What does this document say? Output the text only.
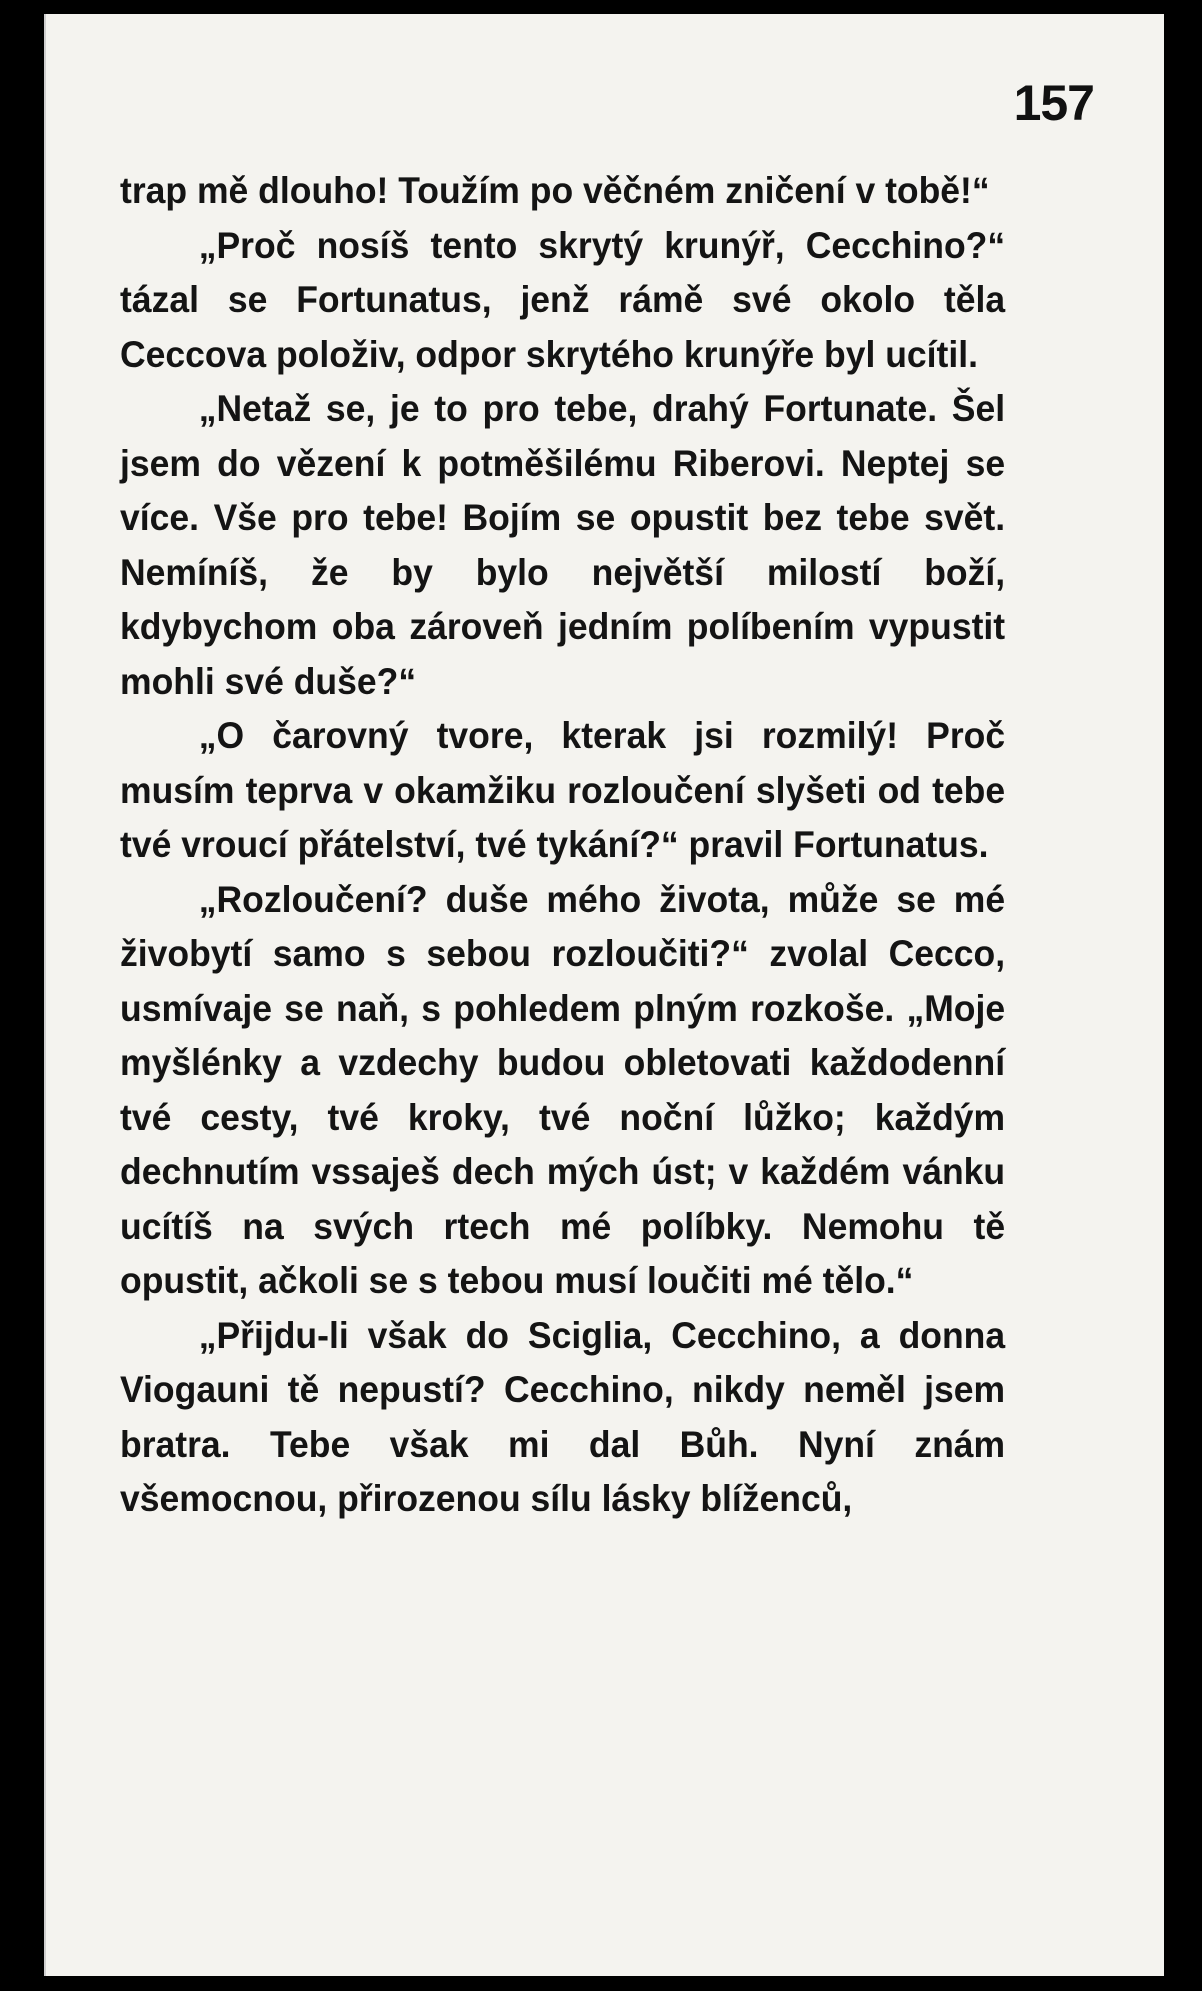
157

trap mě dlouho! Toužím po věčném zničení v tobě!“

„Proč nosíš tento skrytý krunýř, Cecchino?“ tázal se Fortunatus, jenž rámě své okolo těla Ceccova položiv, odpor skrytého krunýře byl ucítil.

„Netaž se, je to pro tebe, drahý Fortunate. Šel jsem do vězení k potměšilému Riberovi. Neptej se více. Vše pro tebe! Bojím se opustit bez tebe svět. Nemíníš, že by bylo největší milostí boží, kdybychom oba zároveň jedním políbením vypustit mohli své duše?“

„O čarovný tvore, kterak jsi rozmilý! Proč musím teprva v okamžiku rozloučení slyšeti od tebe tvé vroucí přátelství, tvé tykání?“ pravil Fortunatus.

„Rozloučení? duše mého života, může se mé živobytí samo s sebou rozloučiti?“ zvolal Cecco, usmívaje se naň, s pohledem plným rozkoše. „Moje myšlénky a vzdechy budou obletovati každodenní tvé cesty, tvé kroky, tvé noční lůžko; každým dechnutím vssaješ dech mých úst; v každém vánku ucítíš na svých rtech mé políbky. Nemohu tě opustit, ačkoli se s tebou musí loučiti mé tělo.“

„Přijdu-li však do Sciglia, Cecchino, a donna Viogauni tě nepustí? Cecchino, nikdy neměl jsem bratra. Tebe však mi dal Bůh. Nyní znám všemocnou, přirozenou sílu lásky blíženců,
